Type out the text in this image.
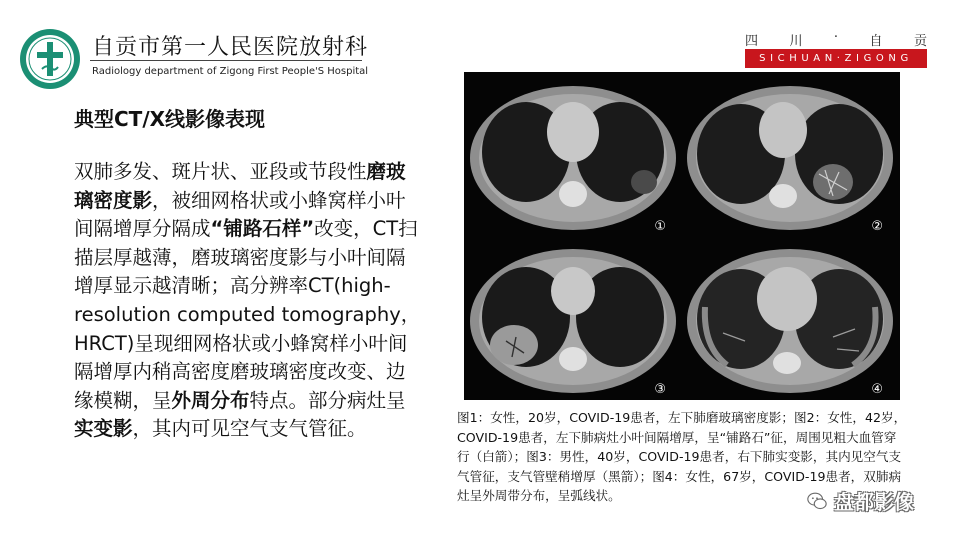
自贡市第一人民医院放射科
Radiology department of Zigong First People'S Hospital
四 川 · 自 贡
SICHUAN·ZIGONG
典型CT/X线影像表现
双肺多发、斑片状、亚段或节段性磨玻璃密度影，被细网格状或小蜂窝样小叶间隔增厚分隔成“铺路石样”改变，CT扫描层厚越薄，磨玻璃密度影与小叶间隔增厚显示越清晰；高分辨率CT(high-resolution computed tomography，HRCT)呈现细网格状或小蜂窝样小叶间隔增厚内稍高密度磨玻璃密度改变、边缘模糊，呈外周分布特点。部分病灶呈实变影，其内可见空气支气管征。
①	②
③	④
图1：女性，20岁，COVID-19患者，左下肺磨玻璃密度影；图2：女性，42岁，COVID-19患者，左下肺病灶小叶间隔增厚，呈“铺路石”征，周围见粗大血管穿行（白箭）；图3：男性，40岁，COVID-19患者，右下肺实变影，其内见空气支气管征，支气管壁稍增厚（黑箭）；图4：女性，67岁，COVID-19患者，双肺病灶呈外周带分布，呈弧线状。	盘都影像
